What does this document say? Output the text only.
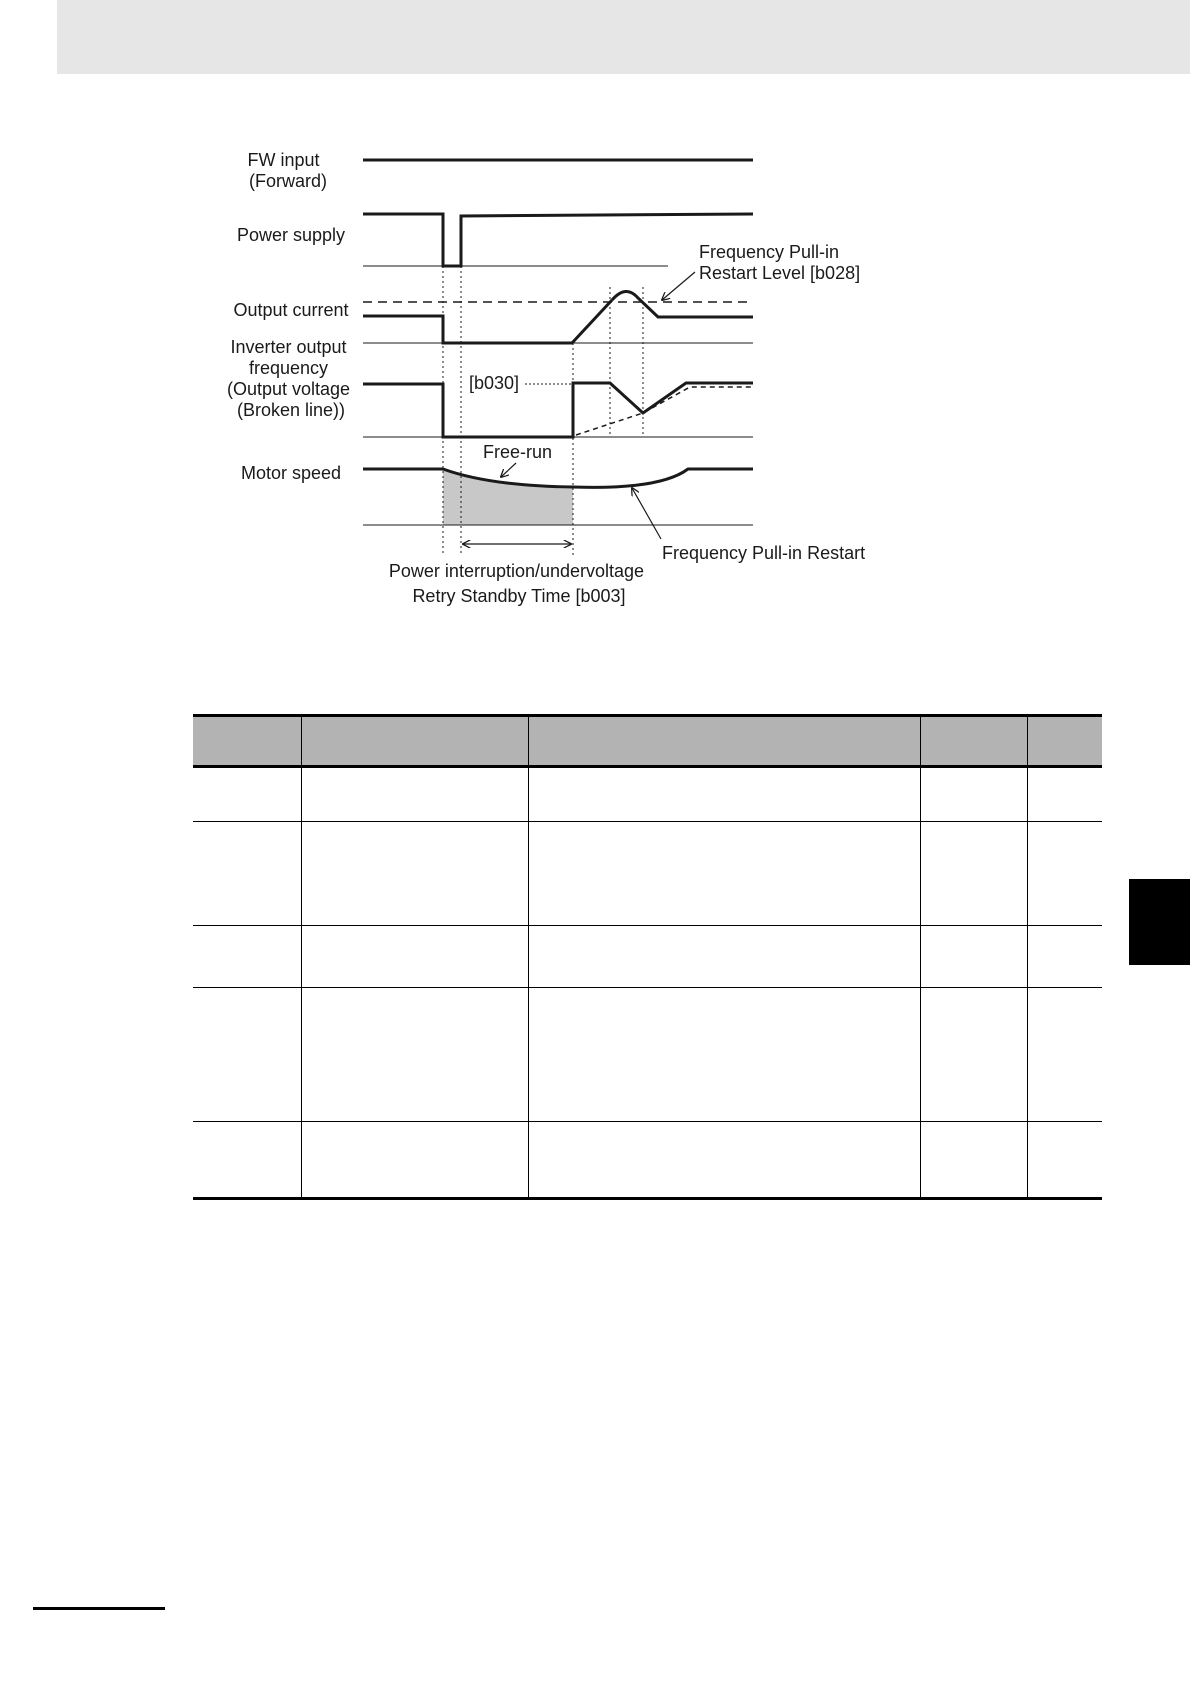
FW input (Forward)
Power supply
Output current
Inverter output frequency (Output voltage (Broken line))
Motor speed
[b030]
Frequency Pull-in Restart Level [b028]
Free-run
Frequency Pull-in Restart
Power interruption/undervoltage Retry Standby Time [b003]
